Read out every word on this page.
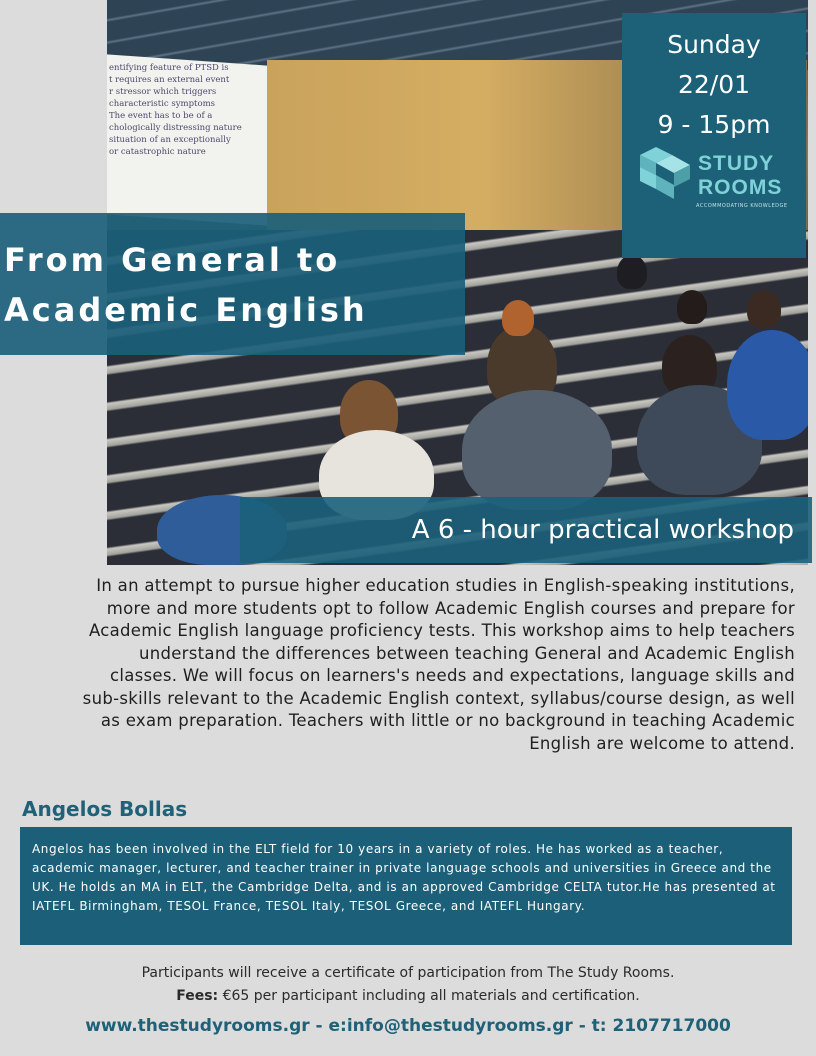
entifying feature of PTSD is
t requires an external event
r stressor which triggers
characteristic symptoms
The event has to be of a
chologically distressing nature
situation of an exceptionally
or catastrophic nature
Sunday
22/01
9 - 15pm
STUDY
ROOMS
ACCOMMODATING KNOWLEDGE
From General to
Academic English
A 6 - hour practical workshop

In an attempt to pursue higher education studies in English-speaking institutions, more and more students opt to follow Academic English courses and prepare for Academic English language proficiency tests. This workshop aims to help teachers understand the differences between teaching General and Academic English classes. We will focus on learners's needs and expectations, language skills and sub-skills relevant to the Academic English context, syllabus/course design, as well as exam preparation. Teachers with little or no background in teaching Academic English are welcome to attend.

Angelos Bollas
Angelos has been involved in the ELT field for 10 years in a variety of roles. He has worked as a teacher, academic manager, lecturer, and teacher trainer in private language schools and universities in Greece and the UK. He holds an MA in ELT, the Cambridge Delta, and is an approved Cambridge CELTA tutor.He has presented at IATEFL Birmingham, TESOL France, TESOL Italy, TESOL Greece, and IATEFL Hungary.

Participants will receive a certificate of participation from The Study Rooms.

Fees: €65 per participant including all materials and certification.

www.thestudyrooms.gr - e:info@thestudyrooms.gr - t: 2107717000
